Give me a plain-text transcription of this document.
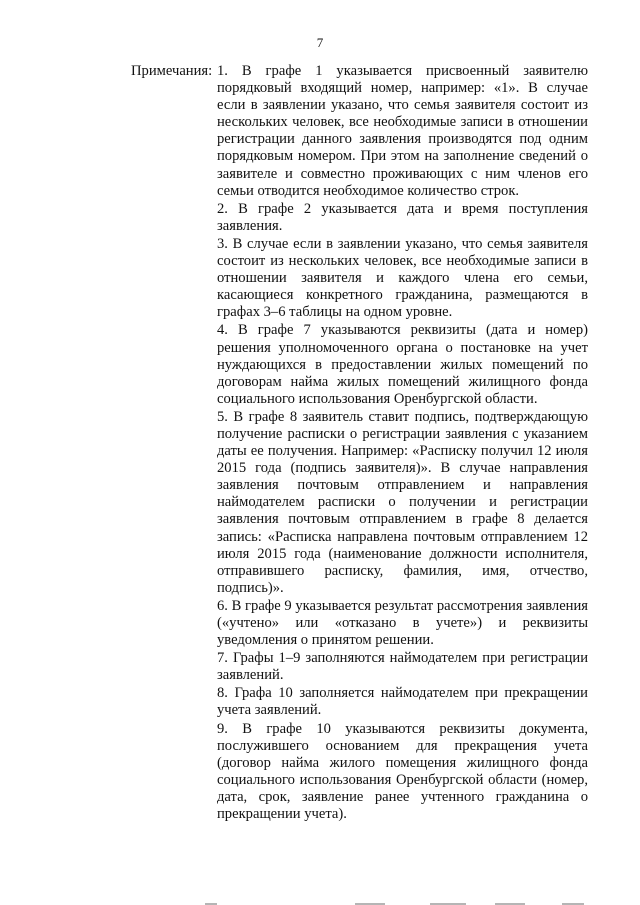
7
Примечания: 1. В графе 1 указывается присвоенный заявителю порядковый входящий номер, например: «1». В случае если в заявлении указано, что семья заявителя состоит из нескольких человек, все необходимые записи в отношении регистрации данного заявления производятся под одним порядковым номером. При этом на заполнение сведений о заявителе и совместно проживающих с ним членов его семьи отводится необходимое количество строк.

2. В графе 2 указывается дата и время поступления заявления.

3. В случае если в заявлении указано, что семья заявителя состоит из нескольких человек, все необходимые записи в отношении заявителя и каждого члена его семьи, касающиеся конкретного гражданина, размещаются в графах 3–6 таблицы на одном уровне.

4. В графе 7 указываются реквизиты (дата и номер) решения уполномоченного органа о постановке на учет нуждающихся в предоставлении жилых помещений по договорам найма жилых помещений жилищного фонда социального использования Оренбургской области.

5. В графе 8 заявитель ставит подпись, подтверждающую получение расписки о регистрации заявления с указанием даты ее получения. Например: «Расписку получил 12 июля 2015 года (подпись заявителя)». В случае направления заявления почтовым отправлением и направления наймодателем расписки о получении и регистрации заявления почтовым отправлением в графе 8 делается запись: «Расписка направлена почтовым отправлением 12 июля 2015 года (наименование должности исполнителя, отправившего расписку, фамилия, имя, отчество, подпись)».

6. В графе 9 указывается результат рассмотрения заявления («учтено» или «отказано в учете») и реквизиты уведомления о принятом решении.

7. Графы 1–9 заполняются наймодателем при регистрации заявлений.

8. Графа 10 заполняется наймодателем при прекращении учета заявлений.

9. В графе 10 указываются реквизиты документа, послужившего основанием для прекращения учета (договор найма жилого помещения жилищного фонда социального использования Оренбургской области (номер, дата, срок, заявление ранее учтенного гражданина о прекращении учета).
